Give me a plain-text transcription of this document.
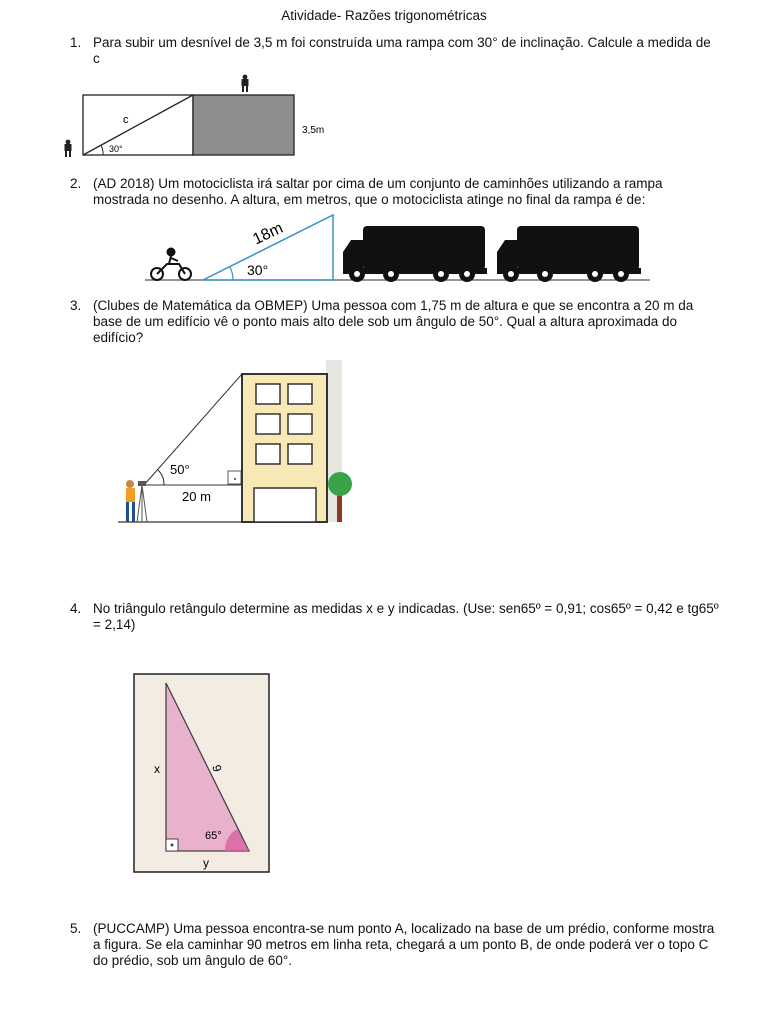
Atividade- Razões trigonométricas
1. Para subir um desnível de 3,5 m foi construída uma rampa com 30° de inclinação. Calcule a medida de c
c
30°
3,5m
2. (AD 2018) Um motociclista irá saltar por cima de um conjunto de caminhões utilizando a rampa mostrada no desenho. A altura, em metros, que o motociclista atinge no final da rampa é de:
18m
30°
3. (Clubes de Matemática da OBMEP) Uma pessoa com 1,75 m de altura e que se encontra a 20 m da base de um edifício vê o ponto mais alto dele sob um ângulo de 50°. Qual a altura aproximada do edifício?
50°
20 m
4. No triângulo retângulo determine as medidas x e y indicadas. (Use: sen65º = 0,91; cos65º = 0,42 e tg65º = 2,14)
x	9
65°
y
5. (PUCCAMP) Uma pessoa encontra-se num ponto A, localizado na base de um prédio, conforme mostra a figura. Se ela caminhar 90 metros em linha reta, chegará a um ponto B, de onde poderá ver o topo C do prédio, sob um ângulo de 60°.
